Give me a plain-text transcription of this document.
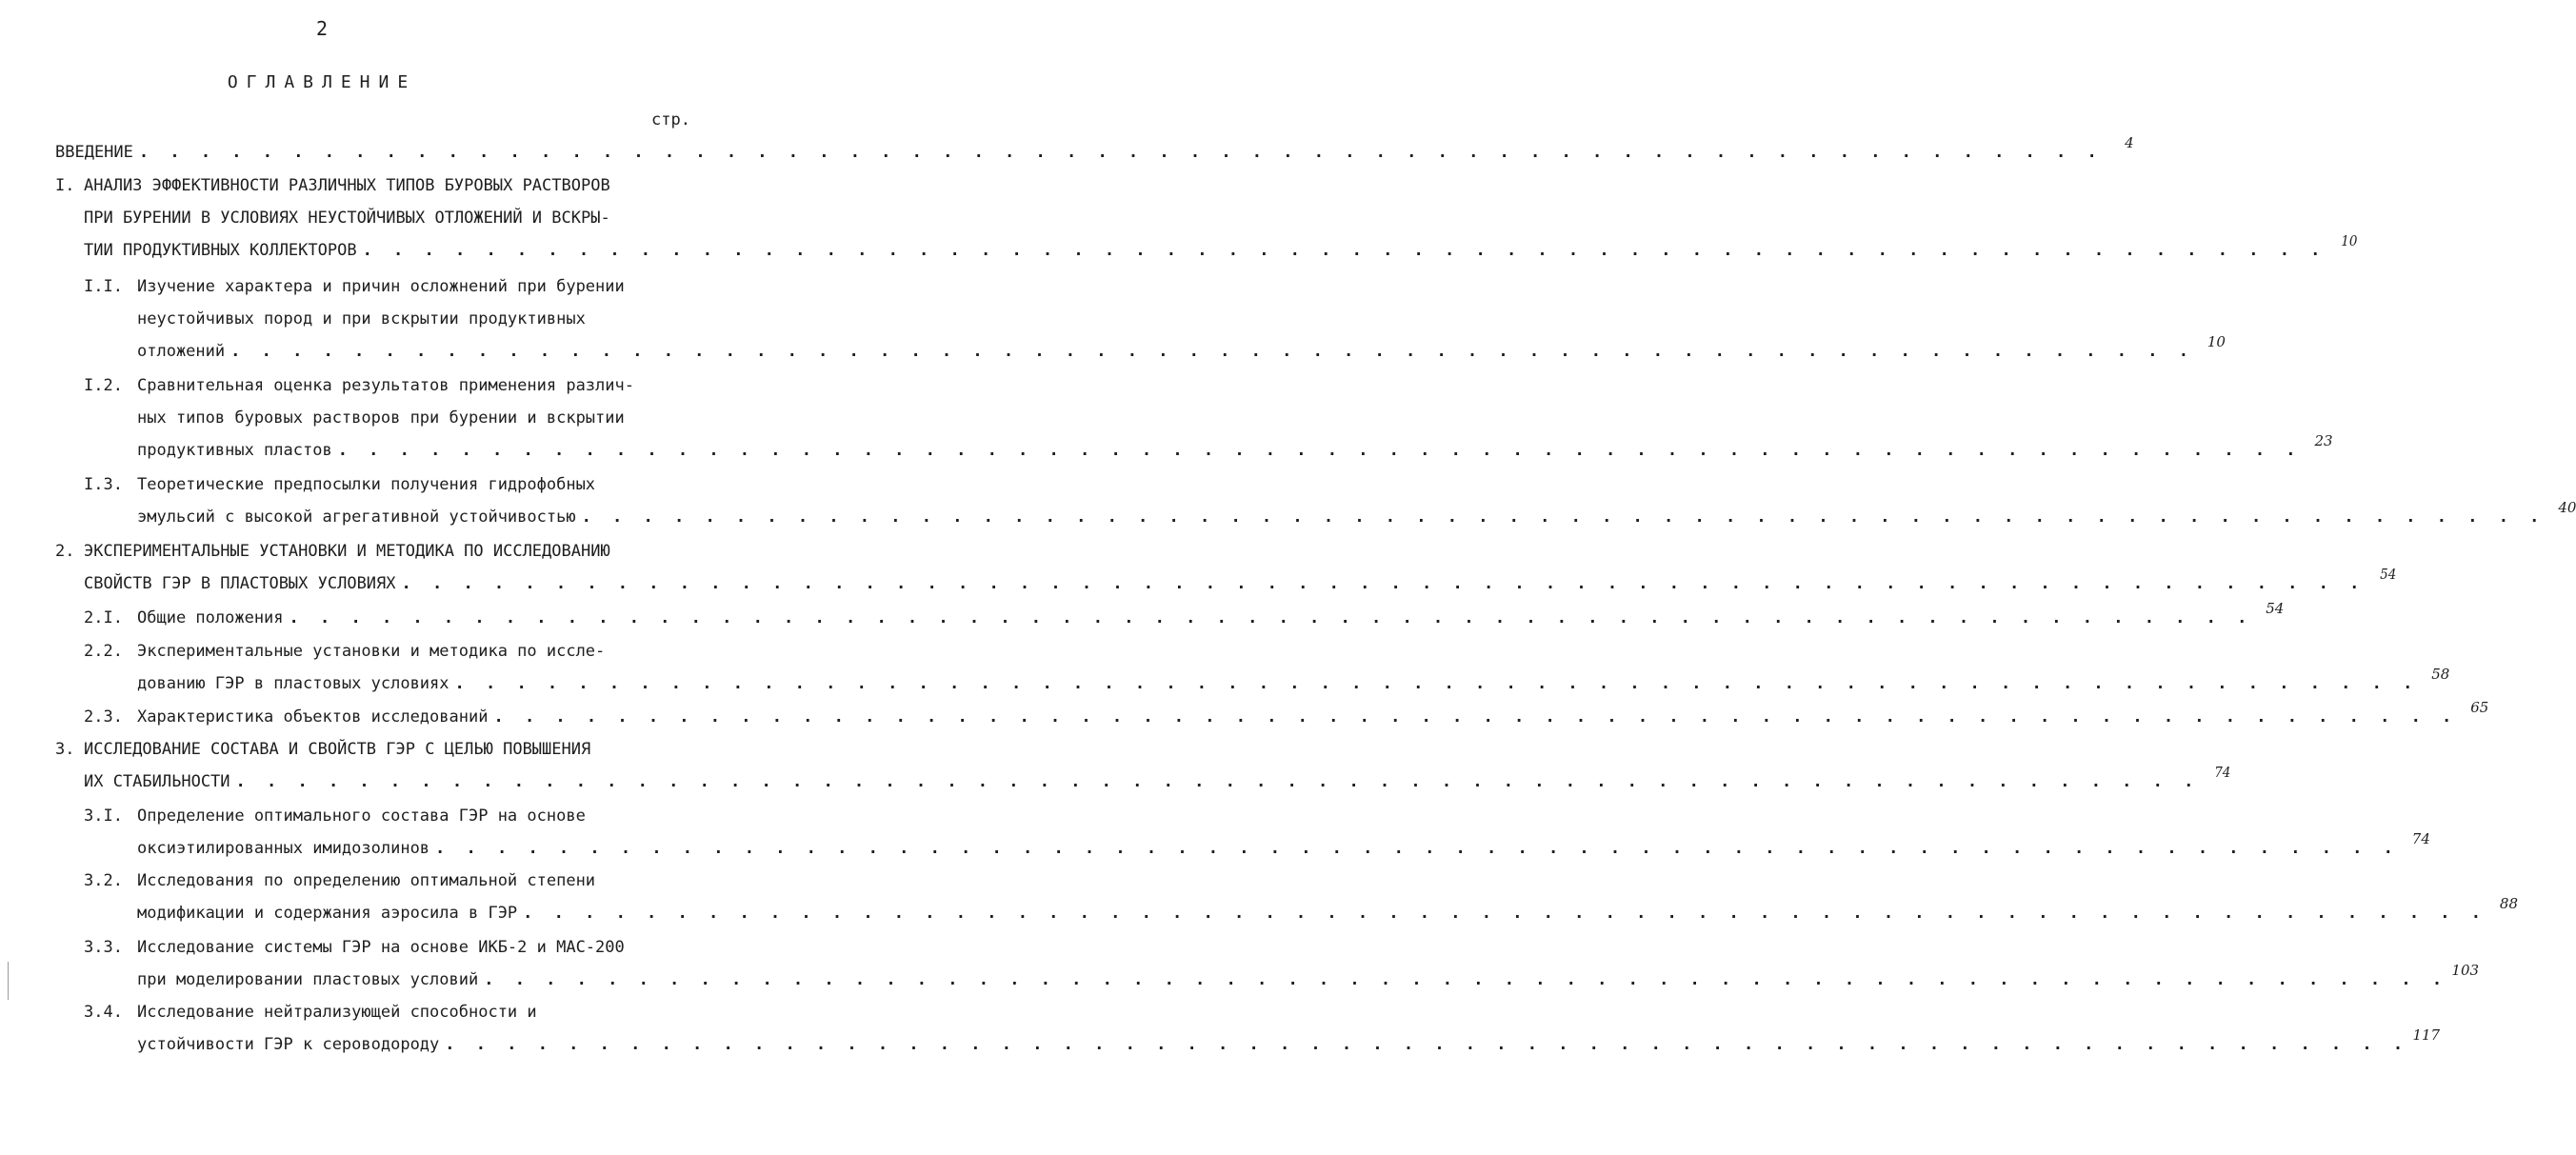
2
ОГЛАВЛЕНИЕ
стр.
ВВЕДЕНИЕ . . .	4
I. АНАЛИЗ ЭФФЕКТИВНОСТИ РАЗЛИЧНЫХ ТИПОВ БУРОВЫХ РАСТВОРОВ
ПРИ БУРЕНИИ В УСЛОВИЯХ НЕУСТОЙЧИВЫХ ОТЛОЖЕНИЙ И ВСКРЫ-
ТИИ ПРОДУКТИВНЫХ КОЛЛЕКТОРОВ . . .	10
I.I. Изучение характера и причин осложнений при бурении
неустойчивых пород и при вскрытии продуктивных
отложений . . .	10
I.2. Сравнительная оценка результатов применения различ-
ных типов буровых растворов при бурении и вскрытии
продуктивных пластов . . .	23
I.3. Теоретические предпосылки получения гидрофобных
эмульсий с высокой агрегативной устойчивостью . . .	40
2. ЭКСПЕРИМЕНТАЛЬНЫЕ УСТАНОВКИ И МЕТОДИКА ПО ИССЛЕДОВАНИЮ
СВОЙСТВ ГЭР В ПЛАСТОВЫХ УСЛОВИЯХ . . .	54
2.I. Общие положения . . .	54
2.2. Экспериментальные установки и методика по иссле-
дованию ГЭР в пластовых условиях . . .	58
2.3. Характеристика объектов исследований . . .	65
3. ИССЛЕДОВАНИЕ СОСТАВА И СВОЙСТВ ГЭР С ЦЕЛЬЮ ПОВЫШЕНИЯ
ИХ СТАБИЛЬНОСТИ . . .	74
3.I. Определение оптимального состава ГЭР на основе
оксиэтилированных имидозолинов . . .	74
3.2. Исследования по определению оптимальной степени
модификации и содержания аэросила в ГЭР . . .	88
3.3. Исследование системы ГЭР на основе ИКБ-2 и МАС-200
при моделировании пластовых условий . . .	103
3.4. Исследование нейтрализующей способности и
устойчивости ГЭР к сероводороду . . .	117
